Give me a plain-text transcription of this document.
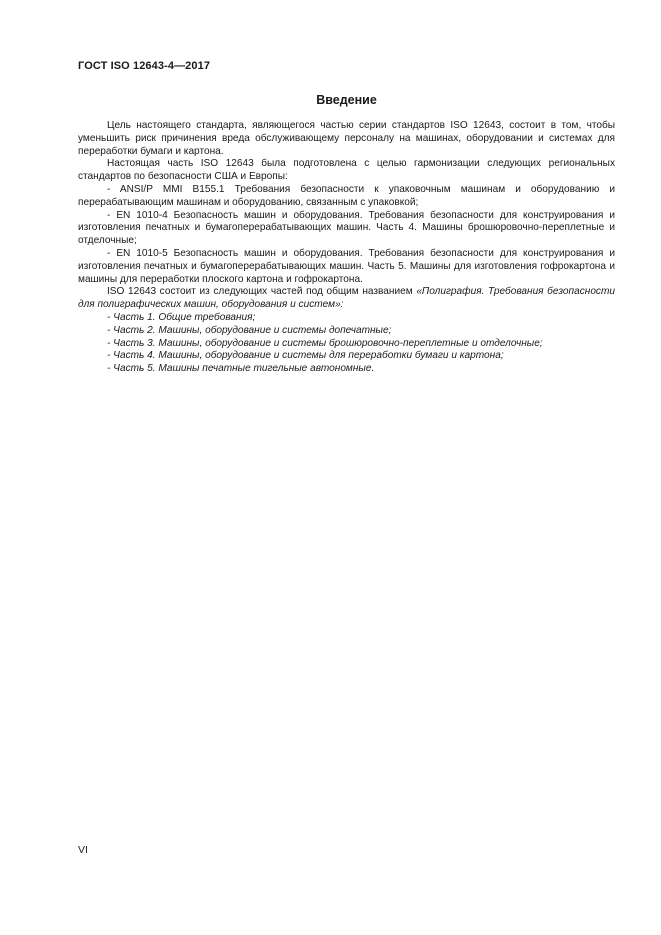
ГОСТ ISO 12643-4—2017
Введение

Цель настоящего стандарта, являющегося частью серии стандартов ISO 12643, состоит в том, чтобы уменьшить риск причинения вреда обслуживающему персоналу на машинах, оборудовании и системах для переработки бумаги и картона.

Настоящая часть ISO 12643 была подготовлена с целью гармонизации следующих региональных стандартов по безопасности США и Европы:

- ANSI/P MMI B155.1 Требования безопасности к упаковочным машинам и оборудованию и перерабатывающим машинам и оборудованию, связанным с упаковкой;
- EN 1010-4 Безопасность машин и оборудования. Требования безопасности для конструирования и изготовления печатных и бумагоперерабатывающих машин. Часть 4. Машины брошюровочно-переплетные и отделочные;
- EN 1010-5 Безопасность машин и оборудования. Требования безопасности для конструирования и изготовления печатных и бумагоперерабатывающих машин. Часть 5. Машины для изготовления гофрокартона и машины для переработки плоского картона и гофрокартона.

ISO 12643 состоит из следующих частей под общим названием «Полиграфия. Требования безопасности для полиграфических машин, оборудования и систем»:

- Часть 1. Общие требования;
- Часть 2. Машины, оборудование и системы допечатные;
- Часть 3. Машины, оборудование и системы брошюровочно-переплетные и отделочные;
- Часть 4. Машины, оборудование и системы для переработки бумаги и картона;
- Часть 5. Машины печатные тигельные автономные.
VI
